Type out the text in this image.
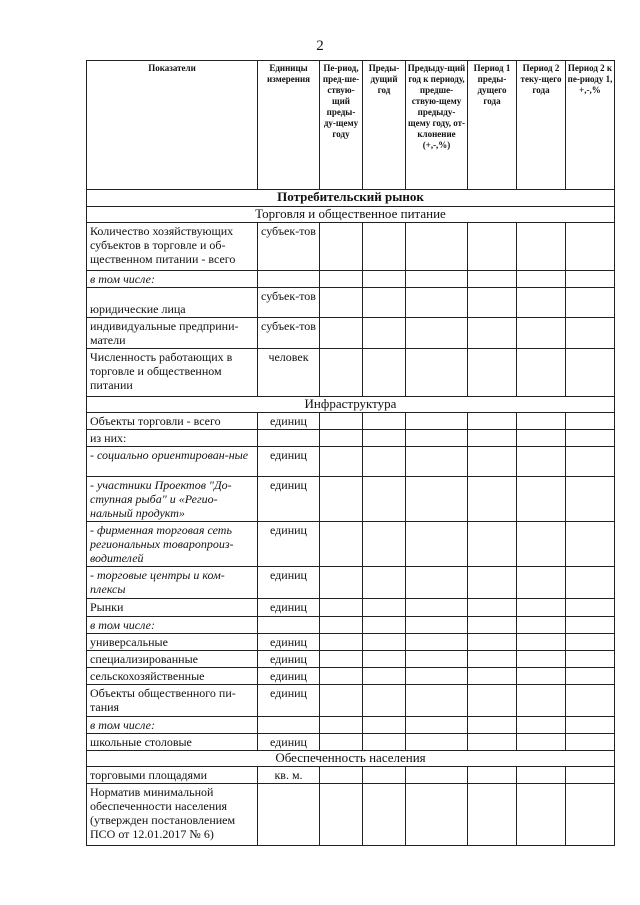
2
Показатели	Единицы измерения	Пе-риод, пред-ше-ствую-щий преды-ду-щему году	Преды-дущий год	Предыду-щий год к периоду, предше-ствую-щему предыду-щему году, от-клонение (+,-,%)	Период 1 преды-дущего года	Период 2 теку-щего года	Период 2 к пе-риоду 1, +,-,%
Потребительский рынок							
Торговля и общественное питание							
Количество хозяйствующих субъектов в торговле и об-щественном питании - всего	субъек-тов						
в том числе:							
юридические лица	субъек-тов						
индивидуальные предприни-матели	субъек-тов						
Численность работающих в торговле и общественном питании	человек						
Инфраструктура							
Объекты торговли - всего	единиц						
из них:							
- социально ориентирован-ные	единиц						
- участники Проектов "До-ступная рыба" и «Регио-нальный продукт»	единиц						
- фирменная торговая сеть региональных товаропроиз-водителей	единиц						
- торговые центры и ком-плексы	единиц						
Рынки	единиц						
в том числе:							
универсальные	единиц						
специализированные	единиц						
сельскохозяйственные	единиц						
Объекты общественного пи-тания	единиц						
в том числе:							
школьные столовые	единиц						
Обеспеченность населения							
торговыми площадями	кв. м.						
Норматив минимальной обеспеченности населения (утвержден постановлением ПСО от 12.01.2017 № 6)							
